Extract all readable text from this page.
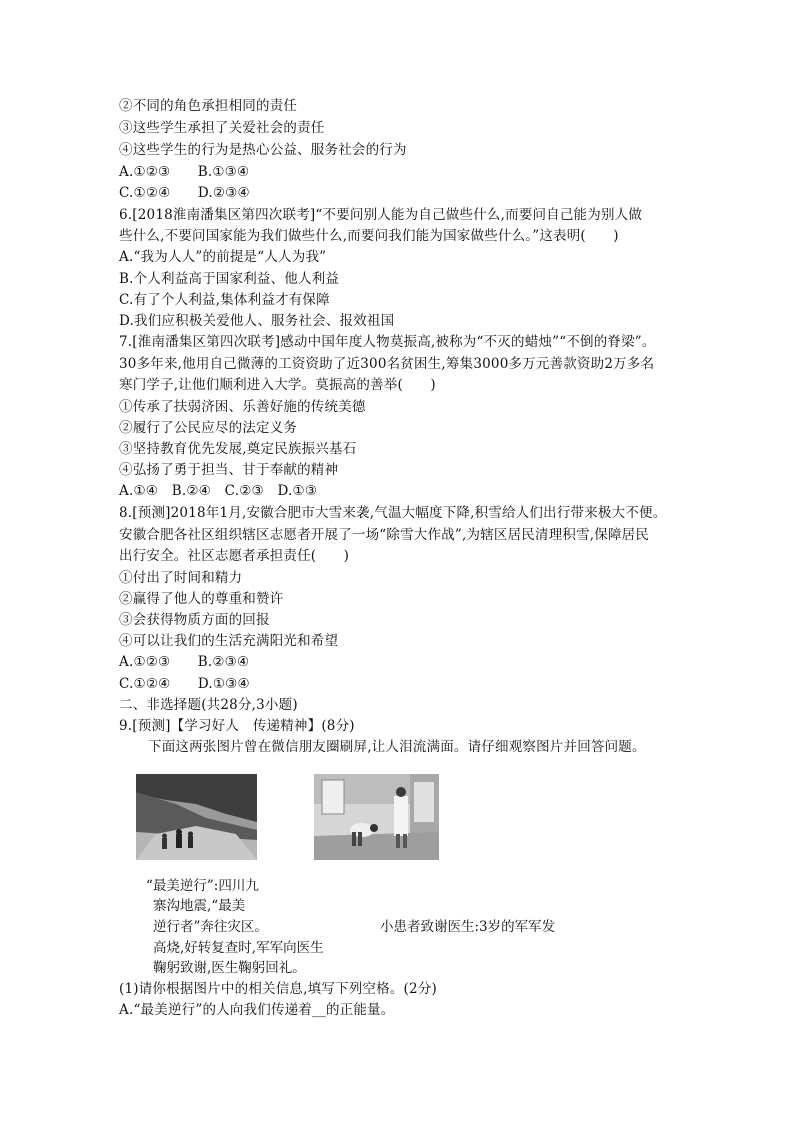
②不同的角色承担相同的责任
③这些学生承担了关爱社会的责任
④这些学生的行为是热心公益、服务社会的行为
A.①②③　　B.①③④
C.①②④　　D.②③④
6.[2018淮南潘集区第四次联考]“不要问别人能为自己做些什么,而要问自己能为别人做
些什么,不要问国家能为我们做些什么,而要问我们能为国家做些什么。”这表明(　　)
A.“我为人人”的前提是“人人为我”
B.个人利益高于国家利益、他人利益
C.有了个人利益,集体利益才有保障
D.我们应积极关爱他人、服务社会、报效祖国
7.[淮南潘集区第四次联考]感动中国年度人物莫振高,被称为“不灭的蜡烛”“不倒的脊梁”。
30多年来,他用自己微薄的工资资助了近300名贫困生,筹集3000多万元善款资助2万多名
寒门学子,让他们顺利进入大学。莫振高的善举(　　)
①传承了扶弱济困、乐善好施的传统美德
②履行了公民应尽的法定义务
③坚持教育优先发展,奠定民族振兴基石
④弘扬了勇于担当、甘于奉献的精神
A.①④　B.②④　C.②③　D.①③
8.[预测]2018年1月,安徽合肥市大雪来袭,气温大幅度下降,积雪给人们出行带来极大不便。
安徽合肥各社区组织辖区志愿者开展了一场“除雪大作战”,为辖区居民清理积雪,保障居民
出行安全。社区志愿者承担责任(　　)
①付出了时间和精力
②赢得了他人的尊重和赞许
③会获得物质方面的回报
④可以让我们的生活充满阳光和希望
A.①②③　　B.②③④
C.①②④　　D.①③④
二、非选择题(共28分,3小题)
9.[预测]【学习好人　传递精神】(8分)
下面这两张图片曾在微信朋友圈刷屏,让人泪流满面。请仔细观察图片并回答问题。
“最美逆行”:四川九
寨沟地震,“最美
逆行者”奔往灾区。	小患者致谢医生:3岁的军军发
高烧,好转复查时,军军向医生
鞠躬致谢,医生鞠躬回礼。
(1)请你根据图片中的相关信息,填写下列空格。(2分)
A.“最美逆行”的人向我们传递着__的正能量。
